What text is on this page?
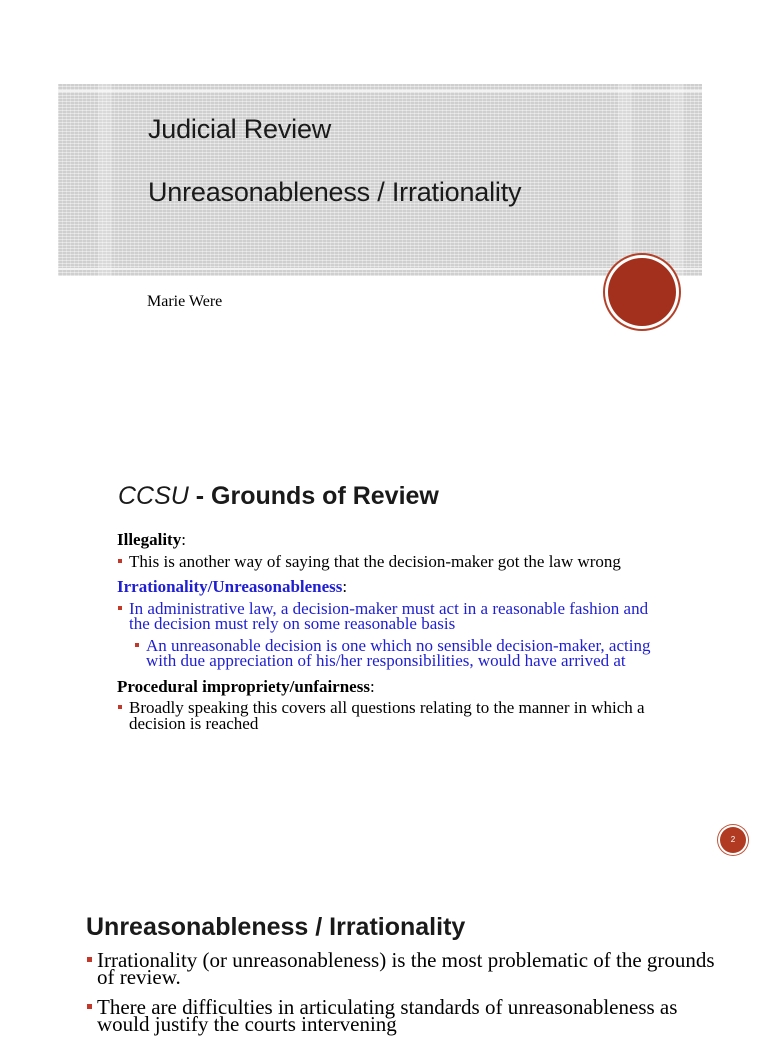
Judicial Review
Unreasonableness / Irrationality
Marie Were
CCSU - Grounds of Review
Illegality:
This is another way of saying that the decision-maker got the law wrong
Irrationality/Unreasonableness:
In administrative law, a decision-maker must act in a reasonable fashion and the decision must rely on some reasonable basis
An unreasonable decision is one which no sensible decision-maker, acting with due appreciation of his/her responsibilities, would have arrived at
Procedural impropriety/unfairness:
Broadly speaking this covers all questions relating to the manner in which a decision is reached
2
Unreasonableness / Irrationality
Irrationality (or unreasonableness) is the most problematic of the grounds of review.
There are difficulties in articulating standards of unreasonableness as would justify the courts intervening
